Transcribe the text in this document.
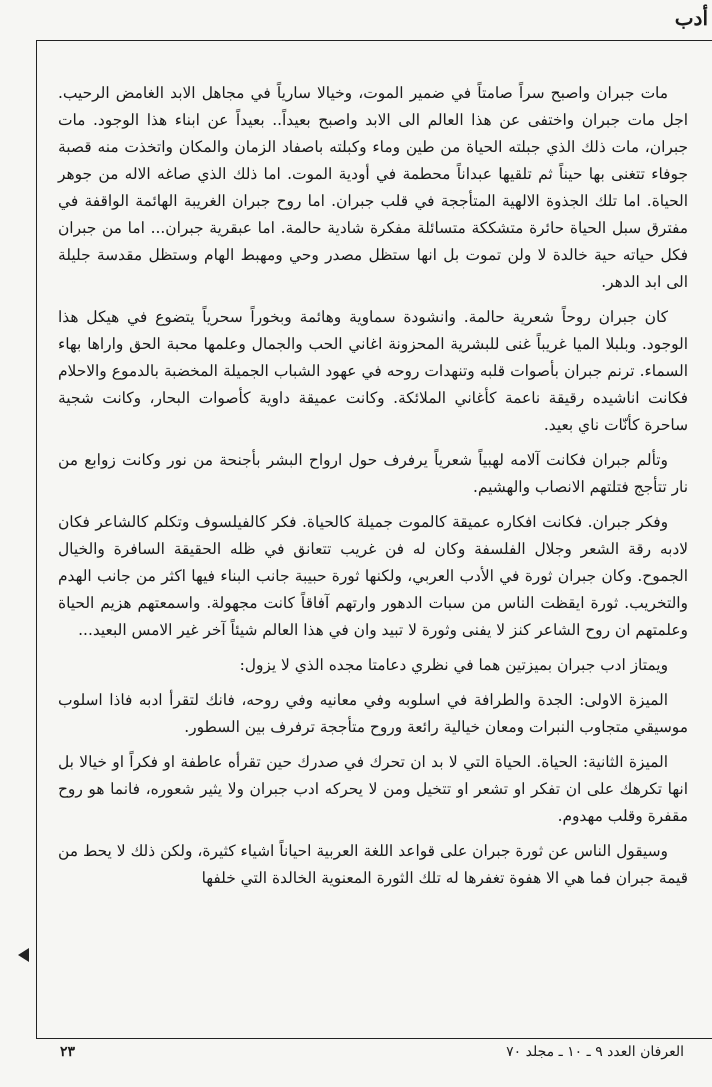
أدب

مات جبران واصبح سراً صامتاً في ضمير الموت، وخيالا سارياً في مجاهل الابد الغامض الرحيب. اجل مات جبران واختفى عن هذا العالم الى الابد واصبح بعيداً.. بعيداً عن ابناء هذا الوجود. مات جبران، مات ذلك الذي جبلته الحياة من طين وماء وكبلته باصفاد الزمان والمكان واتخذت منه قصبة جوفاء تتغنى بها حيناً ثم تلقيها عبداناً محطمة في أودية الموت. اما ذلك الذي صاغه الاله من جوهر الحياة. اما تلك الجذوة الالهية المتأججة في قلب جبران. اما روح جبران الغريبة الهائمة الواقفة في مفترق سبل الحياة حائرة متشككة متسائلة مفكرة شادية حالمة. اما عبقرية جبران... اما من جبران فكل حياته حية خالدة لا ولن تموت بل انها ستظل مصدر وحي ومهبط الهام وستظل مقدسة جليلة الى ابد الدهر.

كان جبران روحاً شعرية حالمة. وانشودة سماوية وهائمة وبخوراً سحرياً يتضوع في هيكل هذا الوجود. وبلبلا الميا غريباً غنى للبشرية المحزونة اغاني الحب والجمال وعلمها محبة الحق واراها بهاء السماء. ترنم جبران بأصوات قلبه وتنهدات روحه في عهود الشباب الجميلة المخضبة بالدموع والاحلام فكانت اناشيده رقيقة ناعمة كأغاني الملائكة. وكانت عميقة داوية كأصوات البحار، وكانت شجية ساحرة كأنّات ناي بعيد.

وتألم جبران فكانت آلامه لهبياً شعرياً يرفرف حول ارواح البشر بأجنحة من نور وكانت زوابع من نار تتأجج فتلتهم الانصاب والهشيم.

وفكر جبران. فكانت افكاره عميقة كالموت جميلة كالحياة. فكر كالفيلسوف وتكلم كالشاعر فكان لادبه رقة الشعر وجلال الفلسفة وكان له فن غريب تتعانق في ظله الحقيقة السافرة والخيال الجموح. وكان جبران ثورة في الأدب العربي، ولكنها ثورة حبيبة جانب البناء فيها اكثر من جانب الهدم والتخريب. ثورة ايقظت الناس من سبات الدهور وارتهم آفاقاً كانت مجهولة. واسمعتهم هزيم الحياة وعلمتهم ان روح الشاعر كنز لا يفنى وثورة لا تبيد وان في هذا العالم شيئاً آخر غير الامس البعيد...

ويمتاز ادب جبران بميزتين هما في نظري دعامتا مجده الذي لا يزول:

الميزة الاولى: الجدة والطرافة في اسلوبه وفي معانيه وفي روحه، فانك لتقرأ ادبه فاذا اسلوب موسيقي متجاوب النبرات ومعان خيالية رائعة وروح متأججة ترفرف بين السطور.

الميزة الثانية: الحياة. الحياة التي لا بد ان تحرك في صدرك حين تقرأه عاطفة او فكراً او خيالا بل انها تكرهك على ان تفكر او تشعر او تتخيل ومن لا يحركه ادب جبران ولا يثير شعوره، فانما هو روح مقفرة وقلب مهدوم.

وسيقول الناس عن ثورة جبران على قواعد اللغة العربية احياناً اشياء كثيرة، ولكن ذلك لا يحط من قيمة جبران فما هي الا هفوة تغفرها له تلك الثورة المعنوية الخالدة التي خلفها

العرفان العدد ٩ ـ ١٠ ـ مجلد ٧٠
٢٣
